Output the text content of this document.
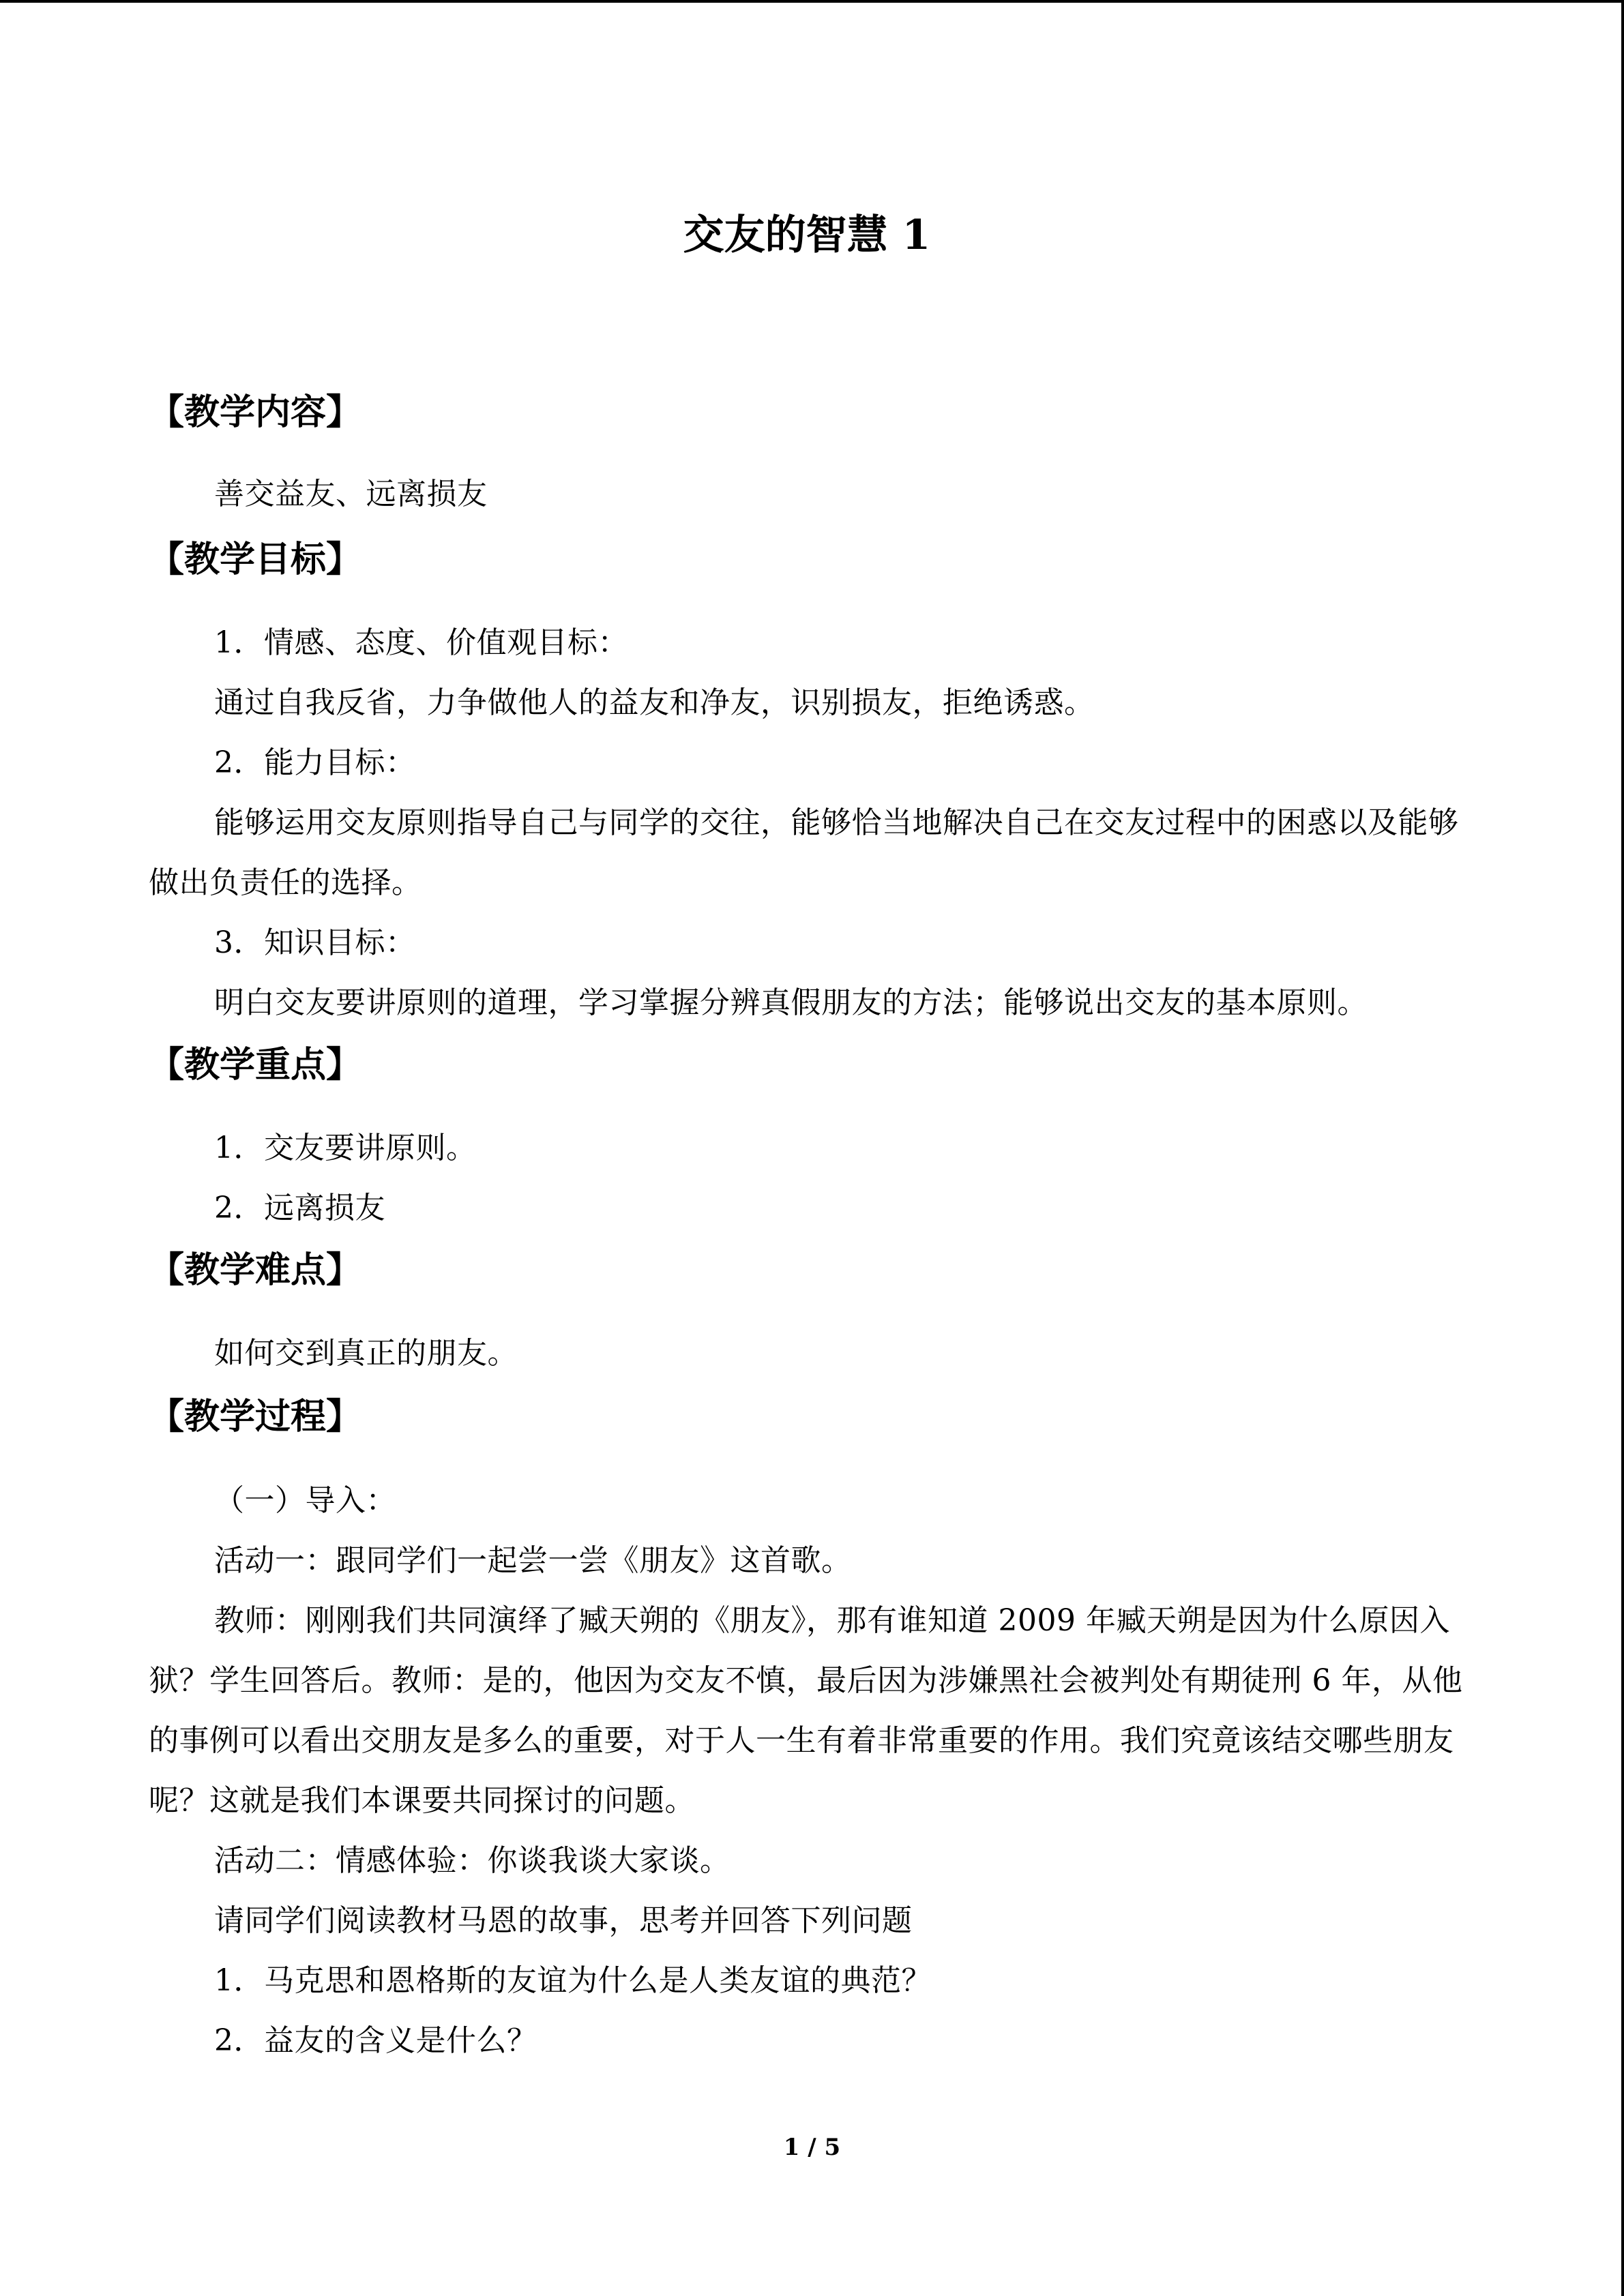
交友的智慧 1
【教学内容】

善交益友、远离损友

【教学目标】

1．情感、态度、价值观目标：

通过自我反省，力争做他人的益友和净友，识别损友，拒绝诱惑。

2．能力目标：

能够运用交友原则指导自己与同学的交往，能够恰当地解决自己在交友过程中的困惑以及能够做出负责任的选择。

3．知识目标：

明白交友要讲原则的道理，学习掌握分辨真假朋友的方法；能够说出交友的基本原则。

【教学重点】

1．交友要讲原则。

2．远离损友

【教学难点】

如何交到真正的朋友。

【教学过程】

（一）导入：

活动一：跟同学们一起尝一尝《朋友》这首歌。

教师：刚刚我们共同演绎了臧天朔的《朋友》，那有谁知道 2009 年臧天朔是因为什么原因入狱？学生回答后。教师：是的，他因为交友不慎，最后因为涉嫌黑社会被判处有期徒刑 6 年，从他的事例可以看出交朋友是多么的重要，对于人一生有着非常重要的作用。我们究竟该结交哪些朋友呢？这就是我们本课要共同探讨的问题。

活动二：情感体验：你谈我谈大家谈。

请同学们阅读教材马恩的故事，思考并回答下列问题

1．马克思和恩格斯的友谊为什么是人类友谊的典范？

2．益友的含义是什么？

1 / 5
